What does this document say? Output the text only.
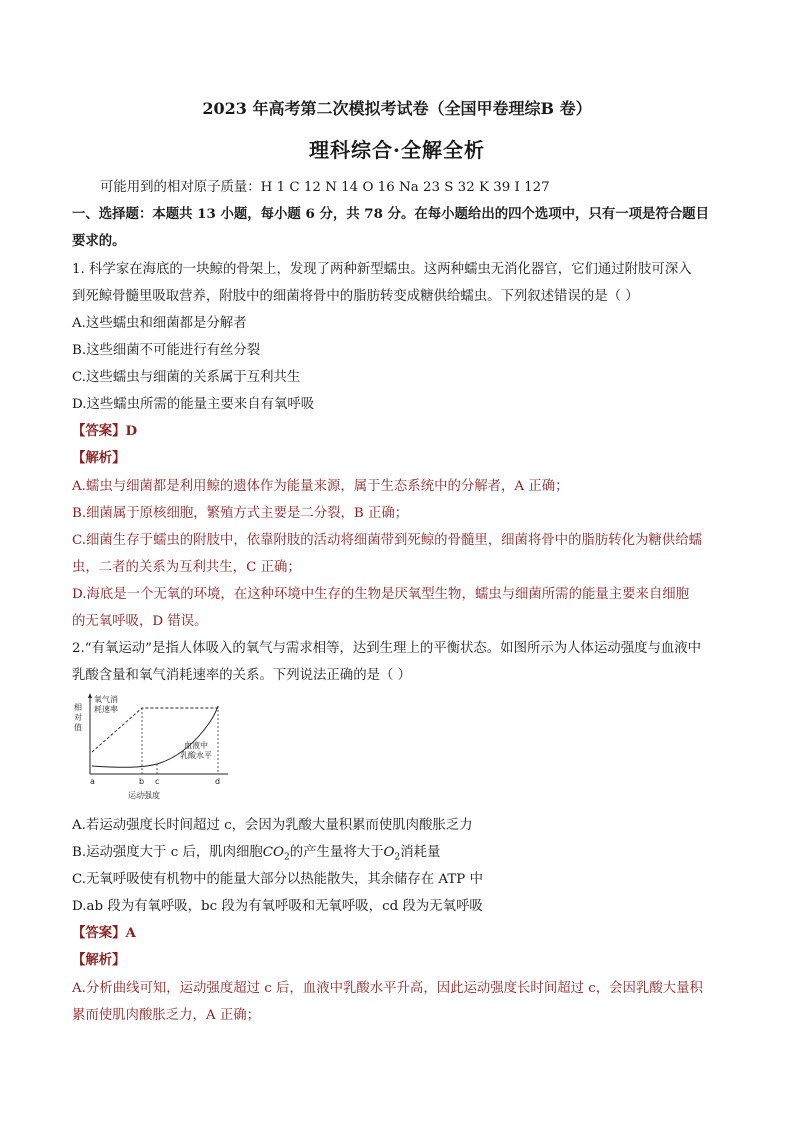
2023 年高考第二次模拟考试卷（全国甲卷理综B 卷）
理科综合·全解全析
可能用到的相对原子质量：H 1 C 12 N 14 O 16 Na 23 S 32 K 39 I 127
一、选择题：本题共 13 小题，每小题 6 分，共 78 分。在每小题给出的四个选项中，只有一项是符合题目
要求的。
1. 科学家在海底的一块鲸的骨架上，发现了两种新型蠕虫。这两种蠕虫无消化器官，它们通过附肢可深入
到死鲸骨髓里吸取营养，附肢中的细菌将骨中的脂肪转变成糖供给蠕虫。下列叙述错误的是（ ）
A.这些蠕虫和细菌都是分解者
B.这些细菌不可能进行有丝分裂
C.这些蠕虫与细菌的关系属于互利共生
D.这些蠕虫所需的能量主要来自有氧呼吸
【答案】D
【解析】
A.蠕虫与细菌都是利用鲸的遗体作为能量来源，属于生态系统中的分解者，A 正确；
B.细菌属于原核细胞，繁殖方式主要是二分裂，B 正确；
C.细菌生存于蠕虫的附肢中，依靠附肢的活动将细菌带到死鲸的骨髓里，细菌将骨中的脂肪转化为糖供给蠕
虫，二者的关系为互利共生，C 正确；
D.海底是一个无氧的环境，在这种环境中生存的生物是厌氧型生物，蠕虫与细菌所需的能量主要来自细胞
的无氧呼吸，D 错误。
2.“有氧运动”是指人体吸入的氧气与需求相等，达到生理上的平衡状态。如图所示为人体运动强度与血液中
乳酸含量和氧气消耗速率的关系。下列说法正确的是（ ）
相
对
值
氧气消
耗速率
血液中
乳酸水平
a	b c	d
运动强度
A.若运动强度长时间超过 c，会因为乳酸大量积累而使肌肉酸胀乏力
B.运动强度大于 c 后，肌肉细胞$CO_2$的产生量将大于$O_2$消耗量
C.无氧呼吸使有机物中的能量大部分以热能散失，其余储存在 ATP 中
D.ab 段为有氧呼吸，bc 段为有氧呼吸和无氧呼吸，cd 段为无氧呼吸
【答案】A
【解析】
A.分析曲线可知，运动强度超过 c 后，血液中乳酸水平升高，因此运动强度长时间超过 c，会因乳酸大量积
累而使肌肉酸胀乏力，A 正确；
